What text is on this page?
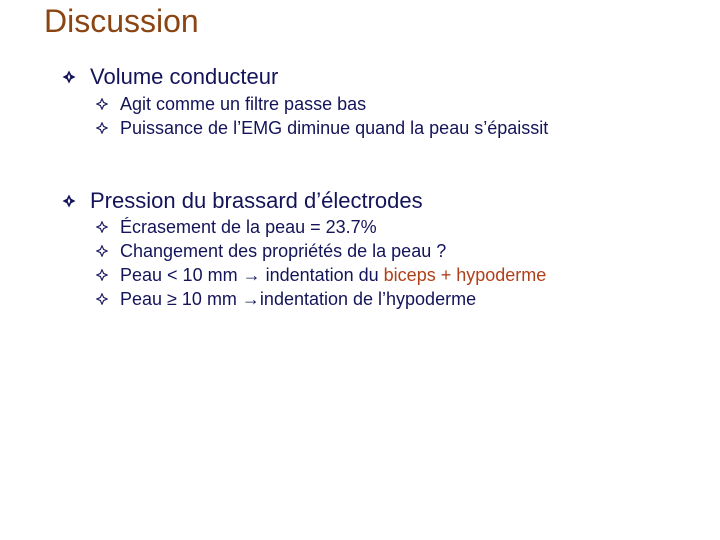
Discussion
Volume conducteur
Agit comme un filtre passe bas
Puissance de l’EMG diminue quand la peau s’épaissit
Pression du brassard d’électrodes
Écrasement de la peau = 23.7%
Changement des propriétés de la peau ?
Peau < 10 mm → indentation du biceps + hypoderme
Peau ≥ 10 mm →indentation de l’hypoderme
